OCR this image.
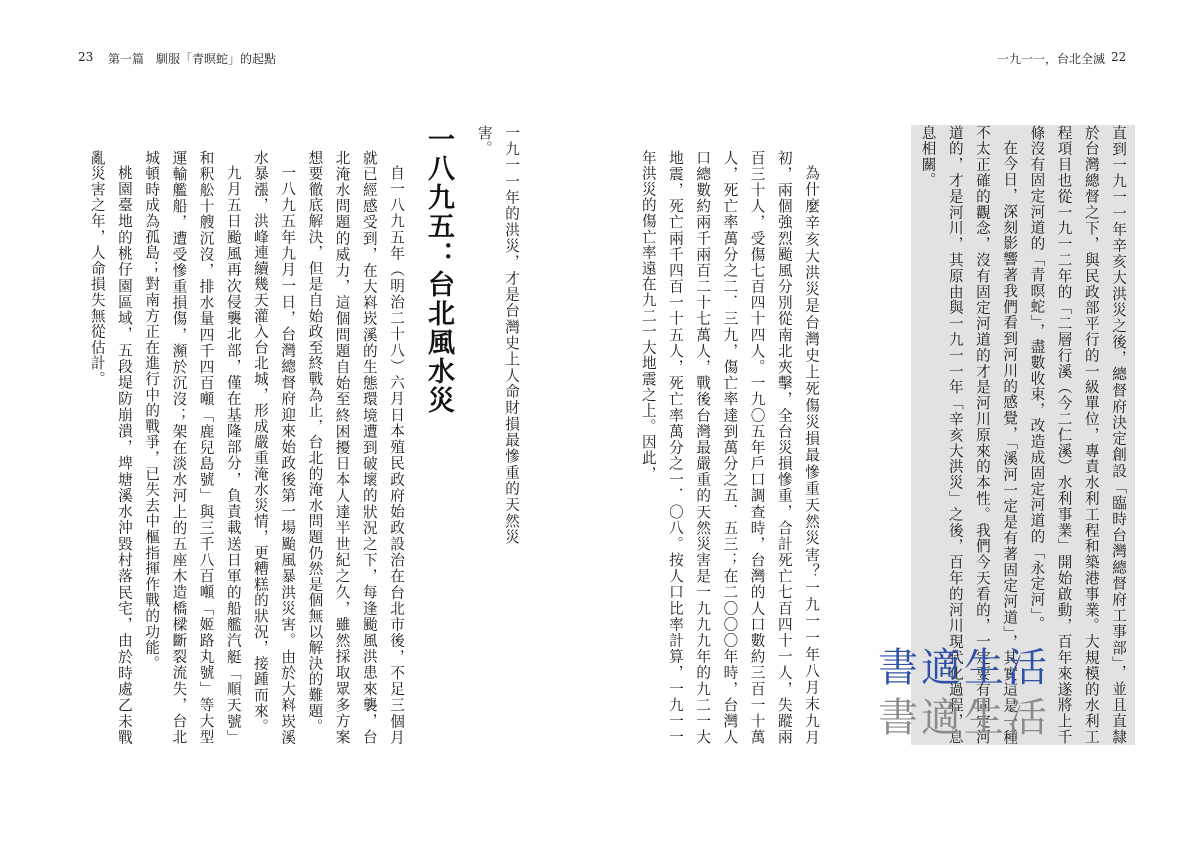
23 第一篇　馴服「青暝蛇」的起點	一九一一，台北全滅 22

直到一九一一年辛亥大洪災之後，總督府決定創設「臨時台灣總督府工事部」，並且直隸於台灣總督之下，與民政部平行的一級單位，專責水利工程和築港事業。大規模的水利工程項目也從一九一二年的「二層行溪（今二仁溪）水利事業」開始啟動，百年來遂將上千條沒有固定河道的「青暝蛇」，盡數收束，改造成固定河道的「永定河」。

在今日，深刻影響著我們看到河川的感覺，「溪河一定是有著固定河道」，其實這是一種不太正確的觀念，沒有固定河道的才是河川原來的本性。我們今天看的，一定要有固定河道的，才是河川，其原由與一九一一年「辛亥大洪災」之後，百年的河川現代化過程，息息相關。

為什麼辛亥大洪災是台灣史上死傷災損最慘重天然災害？一九一一年八月末九月初，兩個強烈颱風分別從南北夾擊，全台災損慘重，合計死亡七百四十一人，失蹤兩百三十人，受傷七百四十四人。一九〇五年戶口調查時，台灣的人口數約三百一十萬人，死亡率萬分之二．三九，傷亡率達到萬分之五．五三；在二〇〇〇年時，台灣人口總數約兩千兩百二十七萬人，戰後台灣最嚴重的天然災害是一九九九年的九二一大地震，死亡兩千四百一十五人，死亡率萬分之一．〇八。按人口比率計算，一九一一年洪災的傷亡率遠在九二一大地震之上。因此，

一九一一年的洪災，才是台灣史上人命財損最慘重的天然災害。

一八九五：台北風水災

自一八九五年（明治二十八）六月日本殖民政府始政設治在台北市後，不足三個月就已經感受到，在大嵙崁溪的生態環境遭到破壞的狀況之下，每逢颱風洪患來襲，台北淹水問題的威力，這個問題自始至終困擾日本人達半世紀之久，雖然採取眾多方案想要徹底解決，但是自始政至終戰為止，台北的淹水問題仍然是個無以解決的難題。

一八九五年九月一日，台灣總督府迎來始政後第一場颱風暴洪災害。由於大嵙崁溪水暴漲，洪峰連續幾天灌入台北城，形成嚴重淹水災情，更糟糕的狀況，接踵而來。

九月五日颱風再次侵襲北部，僅在基隆部分，負責載送日軍的船艦汽艇「順天號」和釈舩十艘沉沒，排水量四千四百噸「鹿兒島號」與三千八百噸「姬路丸號」等大型運輸艦船，遭受慘重損傷，瀕於沉沒；架在淡水河上的五座木造橋樑斷裂流失，台北城頓時成為孤島；對南方正在進行中的戰爭，已失去中樞指揮作戰的功能。

桃園臺地的桃仔園區域，五段堤防崩潰，埤塘溪水沖毀村落民宅，由於時處乙未戰亂災害之年，人命損失無從估計。

書適生活
書適生活
